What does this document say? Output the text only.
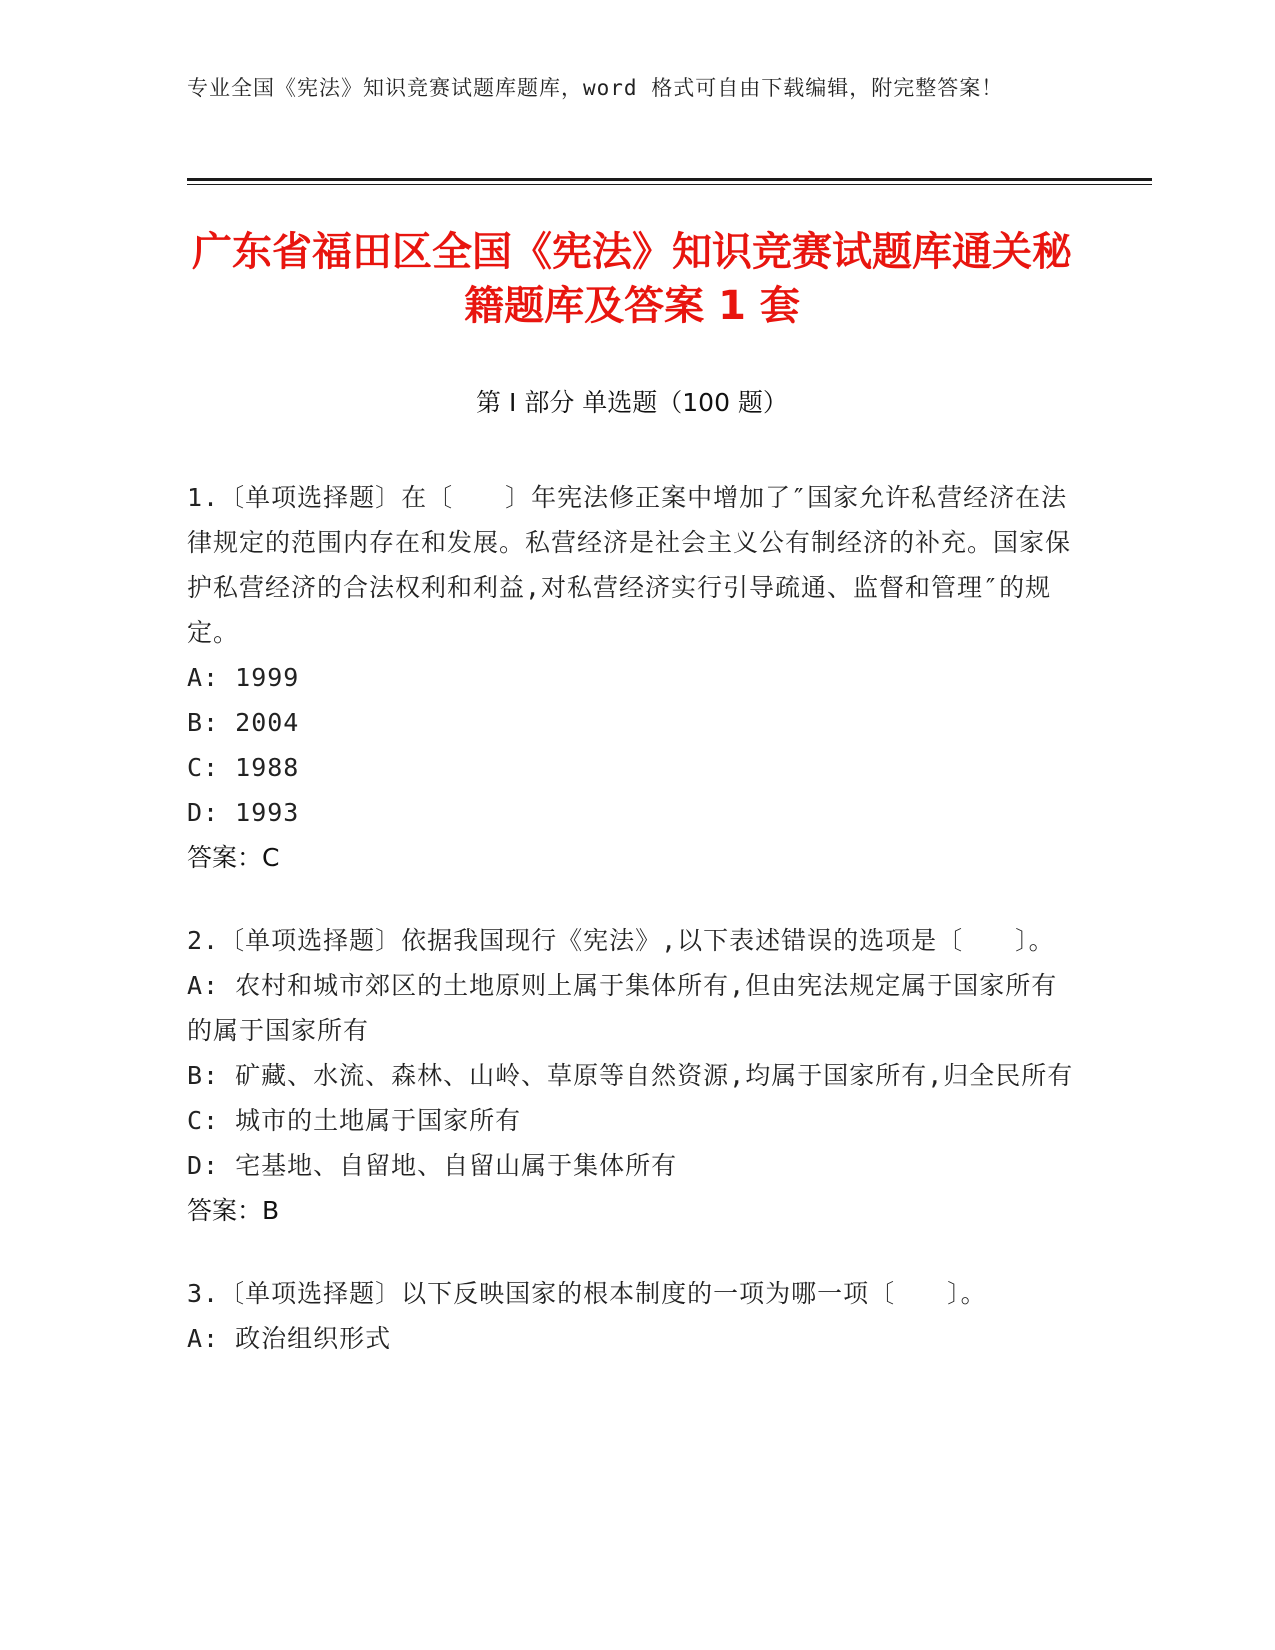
专业全国《宪法》知识竞赛试题库题库，word 格式可自由下载编辑，附完整答案！
广东省福田区全国《宪法》知识竞赛试题库通关秘籍题库及答案 1 套
第 I 部分 单选题（100 题）

1.〔单项选择题〕在〔　　〕年宪法修正案中增加了″国家允许私营经济在法律规定的范围内存在和发展。私营经济是社会主义公有制经济的补充。国家保护私营经济的合法权利和利益,对私营经济实行引导疏通、监督和管理″的规定。

A: 1999

B: 2004

C: 1988

D: 1993

答案：C

2.〔单项选择题〕依据我国现行《宪法》,以下表述错误的选项是〔　　〕。

A: 农村和城市郊区的土地原则上属于集体所有,但由宪法规定属于国家所有的属于国家所有

B: 矿藏、水流、森林、山岭、草原等自然资源,均属于国家所有,归全民所有

C: 城市的土地属于国家所有

D: 宅基地、自留地、自留山属于集体所有

答案：B

3.〔单项选择题〕以下反映国家的根本制度的一项为哪一项〔　　〕。

A: 政治组织形式
